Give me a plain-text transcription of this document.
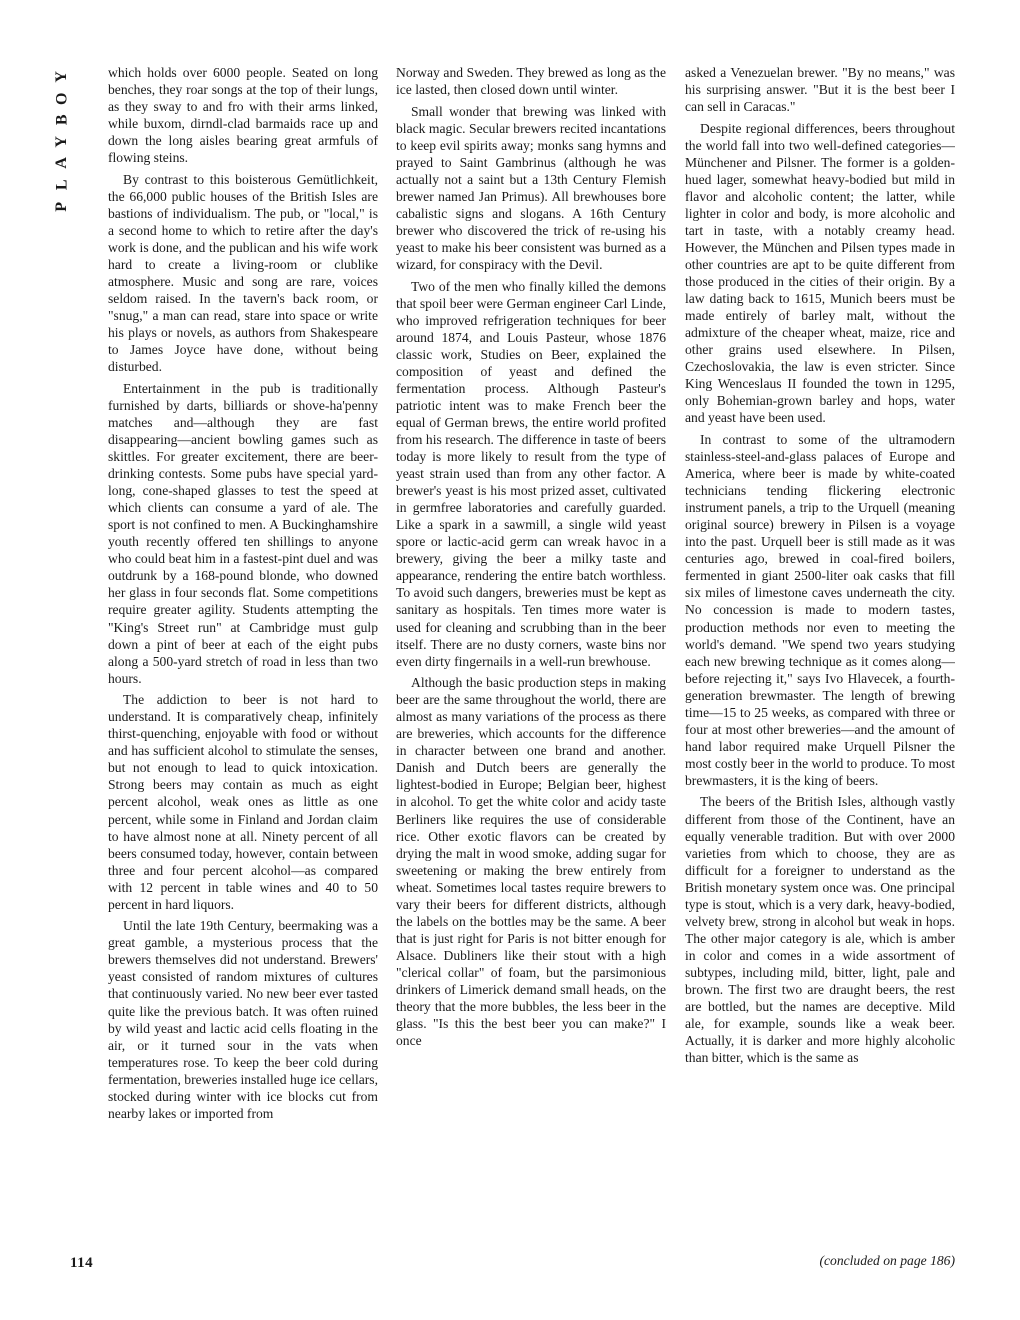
Y
O
B
Y
A
L
P

which holds over 6000 people. Seated on long benches, they roar songs at the top of their lungs, as they sway to and fro with their arms linked, while buxom, dirndl-clad barmaids race up and down the long aisles bearing great armfuls of flowing steins.

By contrast to this boisterous Gemütlichkeit, the 66,000 public houses of the British Isles are bastions of individualism. The pub, or "local," is a second home to which to retire after the day's work is done, and the publican and his wife work hard to create a living-room or clublike atmosphere. Music and song are rare, voices seldom raised. In the tavern's back room, or "snug," a man can read, stare into space or write his plays or novels, as authors from Shakespeare to James Joyce have done, without being disturbed.

Entertainment in the pub is traditionally furnished by darts, billiards or shove-ha'penny matches and—although they are fast disappearing—ancient bowling games such as skittles. For greater excitement, there are beer-drinking contests. Some pubs have special yard-long, cone-shaped glasses to test the speed at which clients can consume a yard of ale. The sport is not confined to men. A Buckinghamshire youth recently offered ten shillings to anyone who could beat him in a fastest-pint duel and was outdrunk by a 168-pound blonde, who downed her glass in four seconds flat. Some competitions require greater agility. Students attempting the "King's Street run" at Cambridge must gulp down a pint of beer at each of the eight pubs along a 500-yard stretch of road in less than two hours.

The addiction to beer is not hard to understand. It is comparatively cheap, infinitely thirst-quenching, enjoyable with food or without and has sufficient alcohol to stimulate the senses, but not enough to lead to quick intoxication. Strong beers may contain as much as eight percent alcohol, weak ones as little as one percent, while some in Finland and Jordan claim to have almost none at all. Ninety percent of all beers consumed today, however, contain between three and four percent alcohol—as compared with 12 percent in table wines and 40 to 50 percent in hard liquors.

Until the late 19th Century, beermaking was a great gamble, a mysterious process that the brewers themselves did not understand. Brewers' yeast consisted of random mixtures of cultures that continuously varied. No new beer ever tasted quite like the previous batch. It was often ruined by wild yeast and lactic acid cells floating in the air, or it turned sour in the vats when temperatures rose. To keep the beer cold during fermentation, breweries installed huge ice cellars, stocked during winter with ice blocks cut from nearby lakes or imported from

Norway and Sweden. They brewed as long as the ice lasted, then closed down until winter.

Small wonder that brewing was linked with black magic. Secular brewers recited incantations to keep evil spirits away; monks sang hymns and prayed to Saint Gambrinus (although he was actually not a saint but a 13th Century Flemish brewer named Jan Primus). All brewhouses bore cabalistic signs and slogans. A 16th Century brewer who discovered the trick of re-using his yeast to make his beer consistent was burned as a wizard, for conspiracy with the Devil.

Two of the men who finally killed the demons that spoil beer were German engineer Carl Linde, who improved refrigeration techniques for beer around 1874, and Louis Pasteur, whose 1876 classic work, Studies on Beer, explained the composition of yeast and defined the fermentation process. Although Pasteur's patriotic intent was to make French beer the equal of German brews, the entire world profited from his research. The difference in taste of beers today is more likely to result from the type of yeast strain used than from any other factor. A brewer's yeast is his most prized asset, cultivated in germfree laboratories and carefully guarded. Like a spark in a sawmill, a single wild yeast spore or lactic-acid germ can wreak havoc in a brewery, giving the beer a milky taste and appearance, rendering the entire batch worthless. To avoid such dangers, breweries must be kept as sanitary as hospitals. Ten times more water is used for cleaning and scrubbing than in the beer itself. There are no dusty corners, waste bins nor even dirty fingernails in a well-run brewhouse.

Although the basic production steps in making beer are the same throughout the world, there are almost as many variations of the process as there are breweries, which accounts for the difference in character between one brand and another. Danish and Dutch beers are generally the lightest-bodied in Europe; Belgian beer, highest in alcohol. To get the white color and acidy taste Berliners like requires the use of considerable rice. Other exotic flavors can be created by drying the malt in wood smoke, adding sugar for sweetening or making the brew entirely from wheat. Sometimes local tastes require brewers to vary their beers for different districts, although the labels on the bottles may be the same. A beer that is just right for Paris is not bitter enough for Alsace. Dubliners like their stout with a high "clerical collar" of foam, but the parsimonious drinkers of Limerick demand small heads, on the theory that the more bubbles, the less beer in the glass. "Is this the best beer you can make?" I once

asked a Venezuelan brewer. "By no means," was his surprising answer. "But it is the best beer I can sell in Caracas."

Despite regional differences, beers throughout the world fall into two well-defined categories—Münchener and Pilsner. The former is a golden-hued lager, somewhat heavy-bodied but mild in flavor and alcoholic content; the latter, while lighter in color and body, is more alcoholic and tart in taste, with a notably creamy head. However, the München and Pilsen types made in other countries are apt to be quite different from those produced in the cities of their origin. By a law dating back to 1615, Munich beers must be made entirely of barley malt, without the admixture of the cheaper wheat, maize, rice and other grains used elsewhere. In Pilsen, Czechoslovakia, the law is even stricter. Since King Wenceslaus II founded the town in 1295, only Bohemian-grown barley and hops, water and yeast have been used.

In contrast to some of the ultramodern stainless-steel-and-glass palaces of Europe and America, where beer is made by white-coated technicians tending flickering electronic instrument panels, a trip to the Urquell (meaning original source) brewery in Pilsen is a voyage into the past. Urquell beer is still made as it was centuries ago, brewed in coal-fired boilers, fermented in giant 2500-liter oak casks that fill six miles of limestone caves underneath the city. No concession is made to modern tastes, production methods nor even to meeting the world's demand. "We spend two years studying each new brewing technique as it comes along—before rejecting it," says Ivo Hlavecek, a fourth-generation brewmaster. The length of brewing time—15 to 25 weeks, as compared with three or four at most other breweries—and the amount of hand labor required make Urquell Pilsner the most costly beer in the world to produce. To most brewmasters, it is the king of beers.

The beers of the British Isles, although vastly different from those of the Continent, have an equally venerable tradition. But with over 2000 varieties from which to choose, they are as difficult for a foreigner to understand as the British monetary system once was. One principal type is stout, which is a very dark, heavy-bodied, velvety brew, strong in alcohol but weak in hops. The other major category is ale, which is amber in color and comes in a wide assortment of subtypes, including mild, bitter, light, pale and brown. The first two are draught beers, the rest are bottled, but the names are deceptive. Mild ale, for example, sounds like a weak beer. Actually, it is darker and more highly alcoholic than bitter, which is the same as

(concluded on page 186)
114
